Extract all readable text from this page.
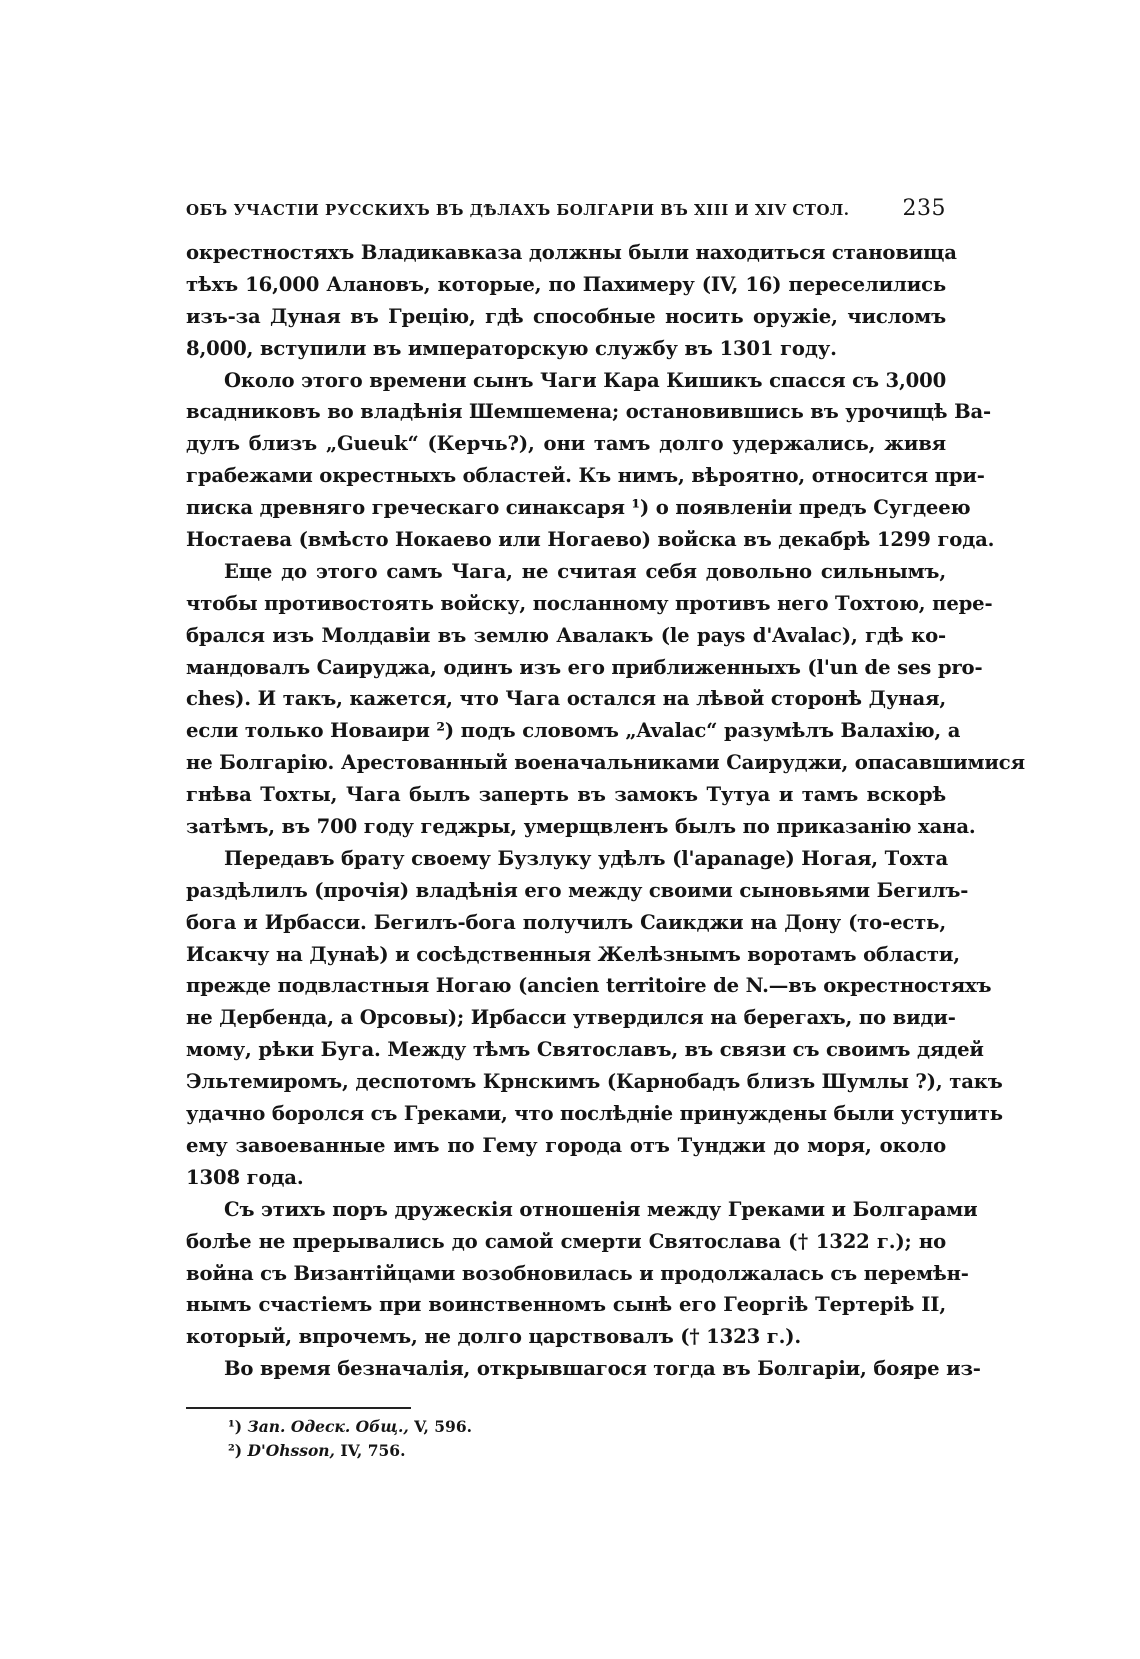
ОБЪ УЧАСТІИ РУССКИХЪ ВЪ ДѢЛАХЪ БОЛГАРІИ ВЪ XIII И XIV СТОЛ. 235
окрестностяхъ Владикавказа должны были находиться становища
тѣхъ 16,000 Алановъ, которые, по Пахимеру (IV, 16) переселились
изъ-за Дуная въ Грецію, гдѣ способные носить оружіе, числомъ
8,000, вступили въ императорскую службу въ 1301 году.
Около этого времени сынъ Чаги Кара Кишикъ спасся съ 3,000
всадниковъ во владѣнія Шемшемена; остановившись въ урочищѣ Ва-
дулъ близъ „Gueuk“ (Керчь?), они тамъ долго удержались, живя
грабежами окрестныхъ областей. Къ нимъ, вѣроятно, относится при-
писка древняго греческаго синаксаря ¹) о появленіи предъ Сугдеею
Ностаева (вмѣсто Нокаево или Ногаево) войска въ декабрѣ 1299 года.
Еще до этого самъ Чага, не считая себя довольно сильнымъ,
чтобы противостоять войску, посланному противъ него Тохтою, пере-
брался изъ Молдавіи въ землю Авалакъ (le pays d'Avalac), гдѣ ко-
мандовалъ Саируджа, одинъ изъ его приближенныхъ (l'un de ses pro-
ches). И такъ, кажется, что Чага остался на лѣвой сторонѣ Дуная,
если только Новаири ²) подъ словомъ „Avalac“ разумѣлъ Валахію, а
не Болгарію. Арестованный военачальниками Саируджи, опасавшимися
гнѣва Тохты, Чага былъ заперть въ замокъ Тутуа и тамъ вскорѣ
затѣмъ, въ 700 году геджры, умерщвленъ былъ по приказанію хана.
Передавъ брату своему Бузлуку удѣлъ (l'apanage) Ногая, Тохта
раздѣлилъ (прочія) владѣнія его между своими сыновьями Бегилъ-
бога и Ирбасси. Бегилъ-бога получилъ Саикджи на Дону (то-есть,
Исакчу на Дунаѣ) и сосѣдственныя Желѣзнымъ воротамъ области,
прежде подвластныя Ногаю (ancien territoire de N.—въ окрестностяхъ
не Дербенда, а Орсовы); Ирбасси утвердился на берегахъ, по види-
мому, рѣки Буга. Между тѣмъ Святославъ, въ связи съ своимъ дядей
Эльтемиромъ, деспотомъ Крнскимъ (Карнобадъ близъ Шумлы ?), такъ
удачно боролся съ Греками, что послѣдніе принуждены были уступить
ему завоеванные имъ по Гему города отъ Тунджи до моря, около
1308 года.
Съ этихъ поръ дружескія отношенія между Греками и Болгарами
болѣе не прерывались до самой смерти Святослава († 1322 г.); но
война съ Византійцами возобновилась и продолжалась съ перемѣн-
нымъ счастіемъ при воинственномъ сынѣ его Георгіѣ Тертеріѣ II,
который, впрочемъ, не долго царствовалъ († 1323 г.).
Во время безначалія, открывшагося тогда въ Болгаріи, бояре из-
¹) Зап. Одеск. Общ., V, 596.
²) D'Ohsson, IV, 756.
